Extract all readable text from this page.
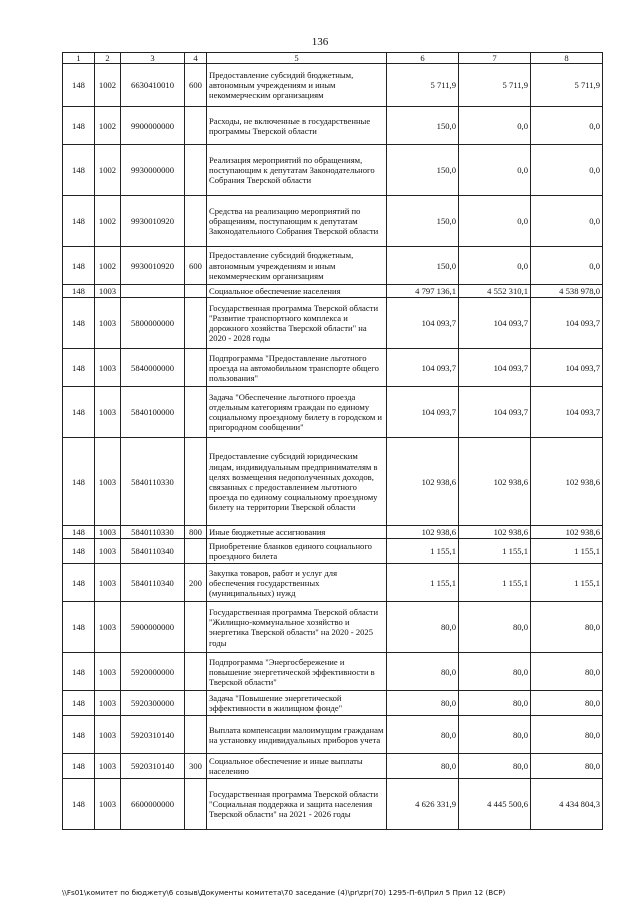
136
1	2	3	4	5	6	7	8
148	1002	6630410010	600	Предоставление субсидий бюджетным, автономным учреждениям и иным некоммерческим организациям	5 711,9	5 711,9	5 711,9
148	1002	9900000000		Расходы, не включенные в государственные программы Тверской области	150,0	0,0	0,0
148	1002	9930000000		Реализация мероприятий по обращениям, поступающим к депутатам Законодательного Собрания Тверской области	150,0	0,0	0,0
148	1002	9930010920		Средства на реализацию мероприятий по обращениям, поступающим к депутатам Законодательного Собрания Тверской области	150,0	0,0	0,0
148	1002	9930010920	600	Предоставление субсидий бюджетным, автономным учреждениям и иным некоммерческим организациям	150,0	0,0	0,0
148	1003			Социальное обеспечение населения	4 797 136,1	4 552 310,1	4 538 978,0
148	1003	5800000000		Государственная программа Тверской области "Развитие транспортного комплекса и дорожного хозяйства Тверской области" на 2020 - 2028 годы	104 093,7	104 093,7	104 093,7
148	1003	5840000000		Подпрограмма "Предоставление льготного проезда на автомобильном транспорте общего пользования"	104 093,7	104 093,7	104 093,7
148	1003	5840100000		Задача "Обеспечение льготного проезда отдельным категориям граждан по единому социальному проездному билету в городском и пригородном сообщении"	104 093,7	104 093,7	104 093,7
148	1003	5840110330		Предоставление субсидий юридическим лицам, индивидуальным предпринимателям в целях возмещения недополученных доходов, связанных с предоставлением льготного проезда по единому социальному проездному билету на территории Тверской области	102 938,6	102 938,6	102 938,6
148	1003	5840110330	800	Иные бюджетные ассигнования	102 938,6	102 938,6	102 938,6
148	1003	5840110340		Приобретение бланков единого социального проездного билета	1 155,1	1 155,1	1 155,1
148	1003	5840110340	200	Закупка товаров, работ и услуг для обеспечения государственных (муниципальных) нужд	1 155,1	1 155,1	1 155,1
148	1003	5900000000		Государственная программа Тверской области "Жилищно-коммунальное хозяйство и энергетика Тверской области" на 2020 - 2025 годы	80,0	80,0	80,0
148	1003	5920000000		Подпрограмма "Энергосбережение и повышение энергетической эффективности в Тверской области"	80,0	80,0	80,0
148	1003	5920300000		Задача "Повышение энергетической эффективности в жилищном фонде"	80,0	80,0	80,0
148	1003	5920310140		Выплата компенсации малоимущим гражданам на установку индивидуальных приборов учета	80,0	80,0	80,0
148	1003	5920310140	300	Социальное обеспечение и иные выплаты населению	80,0	80,0	80,0
148	1003	6600000000		Государственная программа Тверской области "Социальная поддержка и защита населения Тверской области" на 2021 - 2026 годы	4 626 331,9	4 445 500,6	4 434 804,3
\\Fs01\комитет по бюджету\6 созыв\Документы комитета\70 заседание (4)\pr\zpr(70) 1295-П-6\Прил 5 Прил 12 (ВСР)
